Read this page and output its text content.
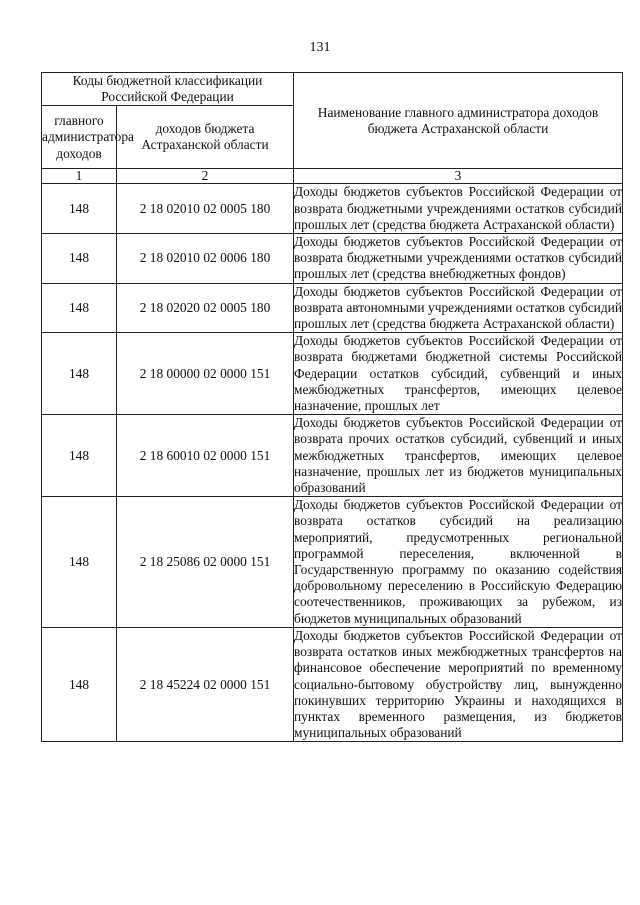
131
Коды бюджетной классификации Российской Федерации		Наименование главного администратора доходов бюджета Астраханской области
главного администратора доходов	доходов бюджета Астраханской области	
1	2	3
148	2 18 02010 02 0005 180	Доходы бюджетов субъектов Российской Федерации от возврата бюджетными учреждениями остатков субсидий прошлых лет (средства бюджета Астраханской области)
148	2 18 02010 02 0006 180	Доходы бюджетов субъектов Российской Федерации от возврата бюджетными учреждениями остатков субсидий прошлых лет (средства внебюджетных фондов)
148	2 18 02020 02 0005 180	Доходы бюджетов субъектов Российской Федерации от возврата автономными учреждениями остатков субсидий прошлых лет (средства бюджета Астраханской области)
148	2 18 00000 02 0000 151	Доходы бюджетов субъектов Российской Федерации от возврата бюджетами бюджетной системы Российской Федерации остатков субсидий, субвенций и иных межбюджетных трансфертов, имеющих целевое назначение, прошлых лет
148	2 18 60010 02 0000 151	Доходы бюджетов субъектов Российской Федерации от возврата прочих остатков субсидий, субвенций и иных межбюджетных трансфертов, имеющих целевое назначение, прошлых лет из бюджетов муниципальных образований
148	2 18 25086 02 0000 151	Доходы бюджетов субъектов Российской Федерации от возврата остатков субсидий на реализацию мероприятий, предусмотренных региональной программой переселения, включенной в Государственную программу по оказанию содействия добровольному переселению в Российскую Федерацию соотечественников, проживающих за рубежом, из бюджетов муниципальных образований
148	2 18 45224 02 0000 151	Доходы бюджетов субъектов Российской Федерации от возврата остатков иных межбюджетных трансфертов на финансовое обеспечение мероприятий по временному социально-бытовому обустройству лиц, вынужденно покинувших территорию Украины и находящихся в пунктах временного размещения, из бюджетов муниципальных образований
